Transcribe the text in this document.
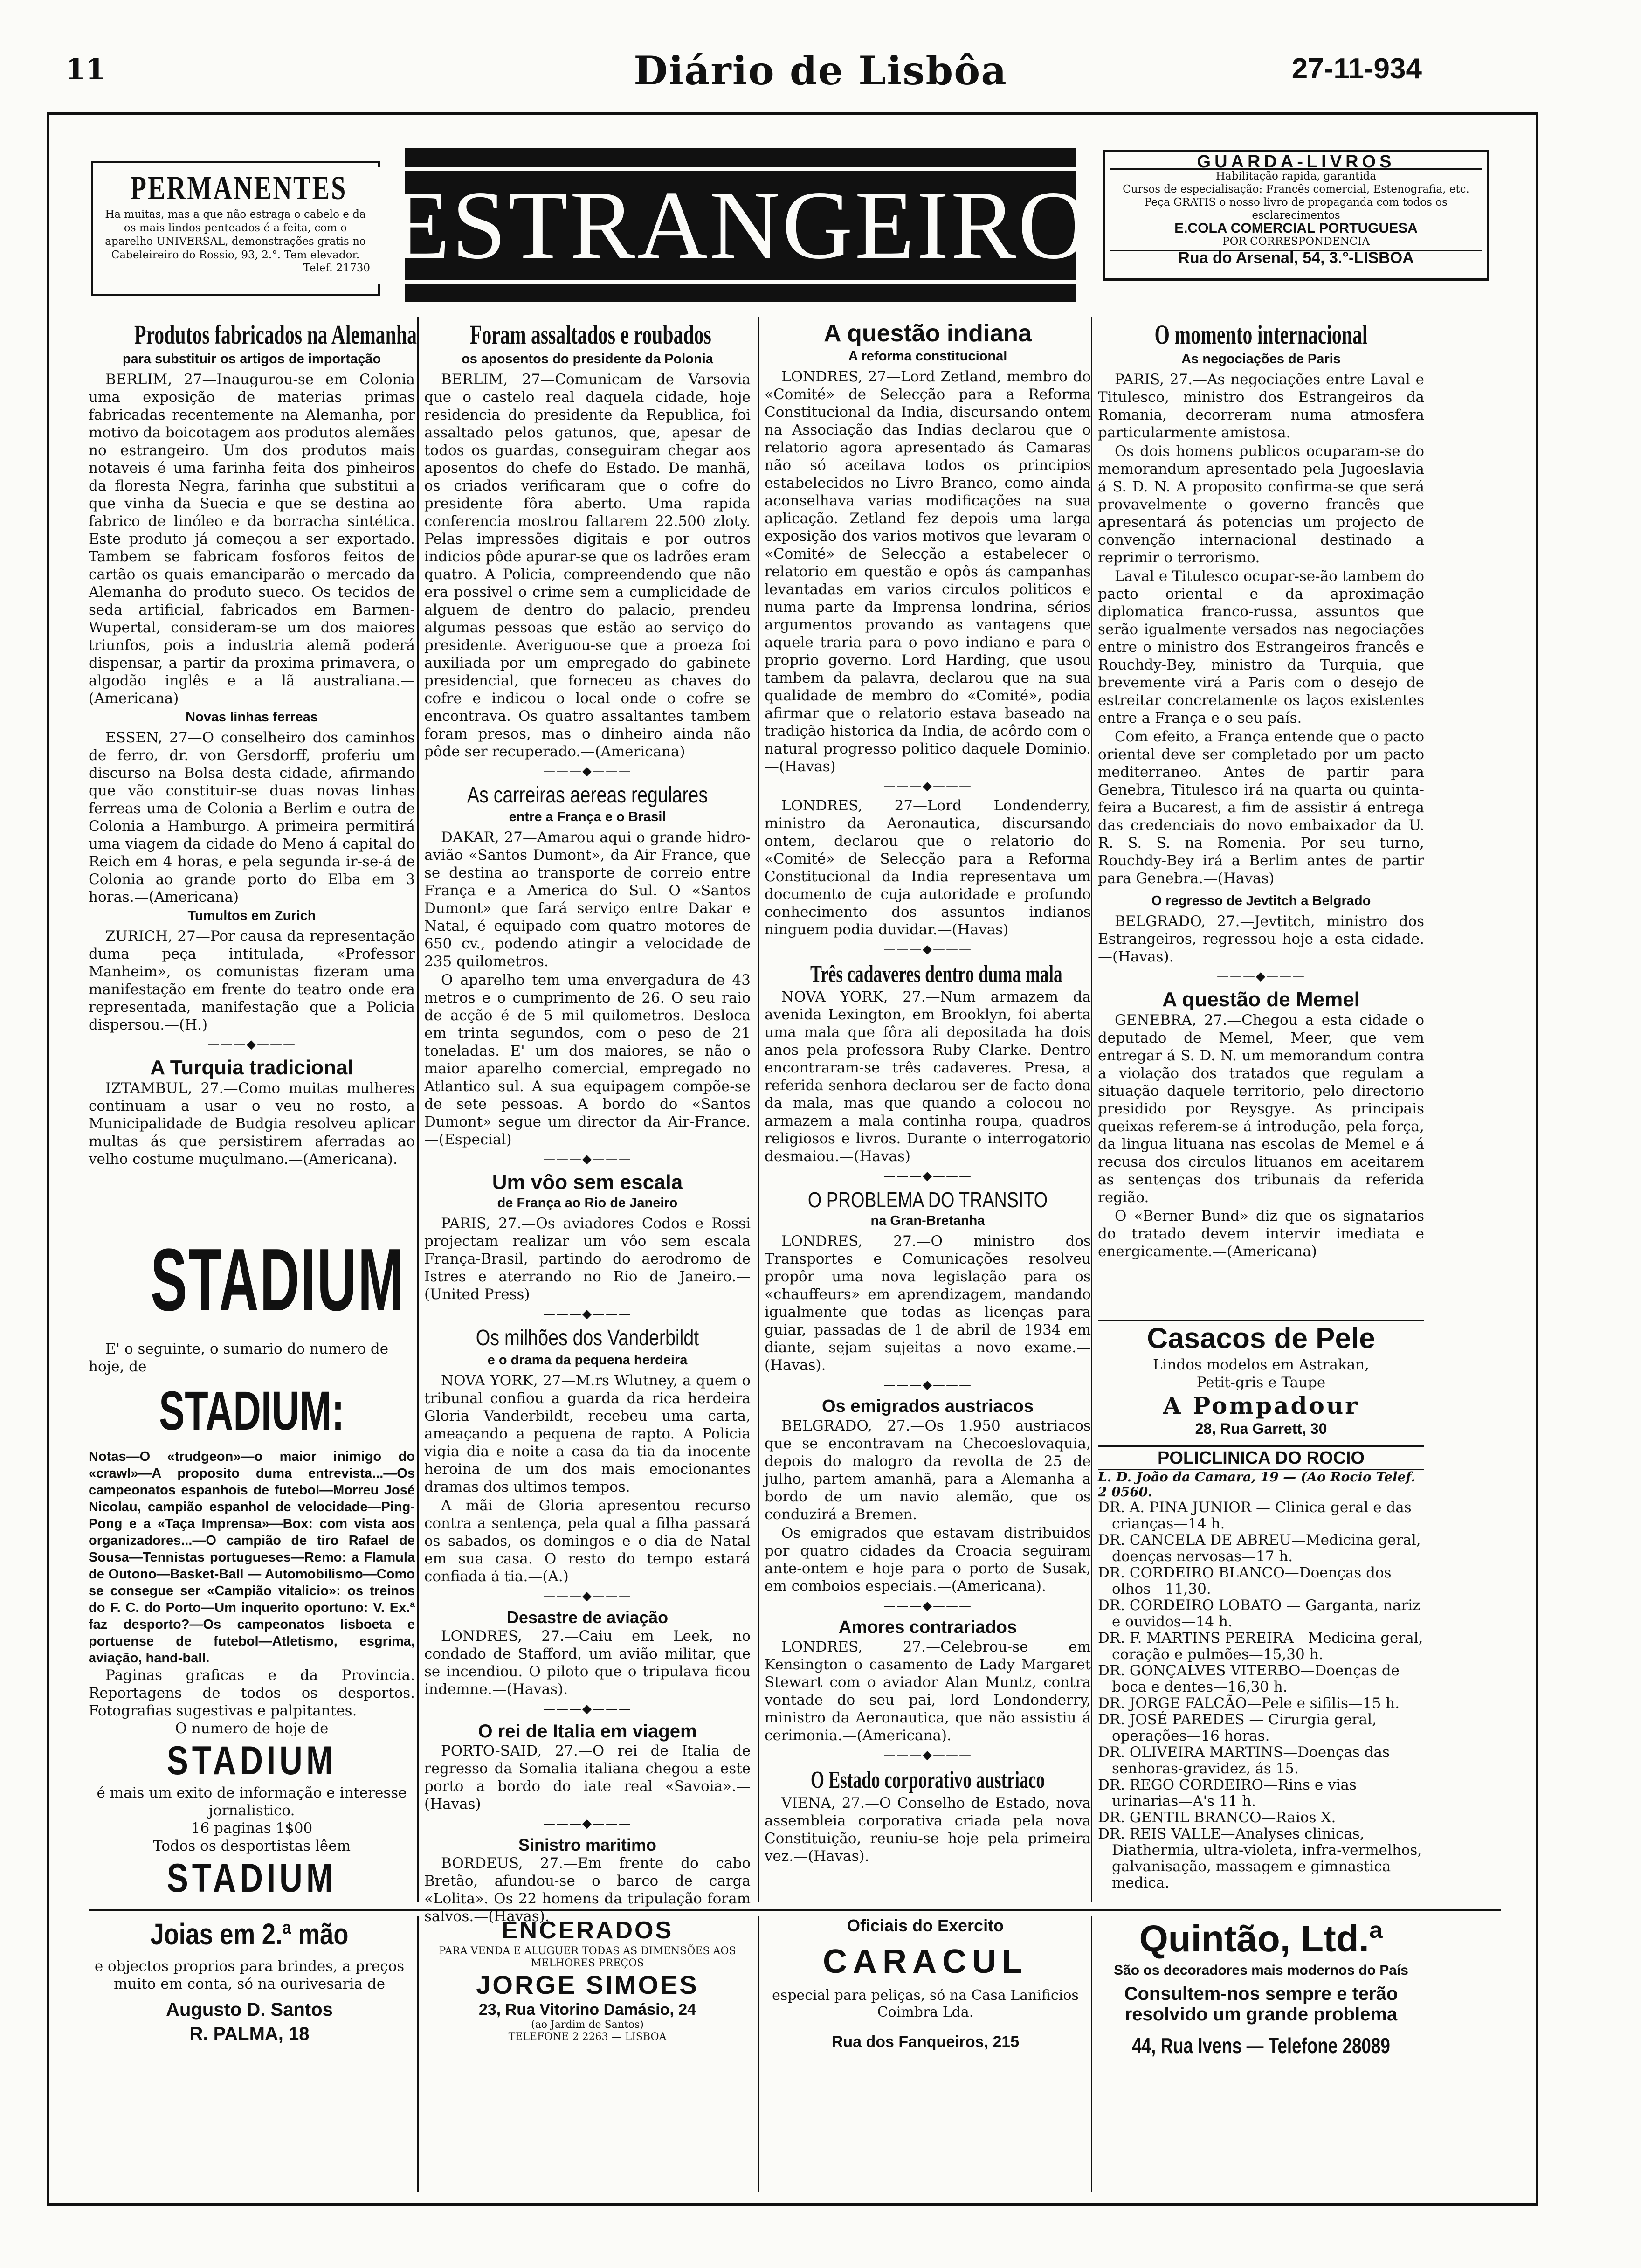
11	Diário de Lisbôa	27-11-934
PERMANENTES
Ha muitas, mas a que não estraga o cabelo e da os mais lindos penteados é a feita, com o aparelho UNIVERSAL, demonstrações gratis no Cabeleireiro do Rossio, 93, 2.°. Tem elevador.
Telef. 21730 ESTRANGEIRO
GUARDA-LIVROS
Habilitação rapida, garantida
Cursos de especialisação: Francês comercial, Estenografia, etc. Peça GRATIS o nosso livro de propaganda com todos os esclarecimentos
E.COLA COMERCIAL PORTUGUESA
POR CORRESPONDENCIA
Rua do Arsenal, 54, 3.°-LISBOA
Produtos fabricados na Alemanha
para substituir os artigos de importação

BERLIM, 27—Inaugurou-se em Colonia uma exposição de materias primas fabricadas recentemente na Alemanha, por motivo da boicotagem aos produtos alemães no estrangeiro. Um dos produtos mais notaveis é uma farinha feita dos pinheiros da floresta Negra, farinha que substitui a que vinha da Suecia e que se destina ao fabrico de linóleo e da borracha sintética. Este produto já começou a ser exportado. Tambem se fabricam fosforos feitos de cartão os quais emanciparão o mercado da Alemanha do produto sueco. Os tecidos de seda artificial, fabricados em Barmen-Wupertal, consideram-se um dos maiores triunfos, pois a industria alemã poderá dispensar, a partir da proxima primavera, o algodão inglês e a lã australiana.—(Americana)

Novas linhas ferreas

ESSEN, 27—O conselheiro dos caminhos de ferro, dr. von Gersdorff, proferiu um discurso na Bolsa desta cidade, afirmando que vão constituir-se duas novas linhas ferreas uma de Colonia a Berlim e outra de Colonia a Hamburgo. A primeira permitirá uma viagem da cidade do Meno á capital do Reich em 4 horas, e pela segunda ir-se-á de Colonia ao grande porto do Elba em 3 horas.—(Americana)

Tumultos em Zurich

ZURICH, 27—Por causa da representação duma peça intitulada, «Professor Manheim», os comunistas fizeram uma manifestação em frente do teatro onde era representada, manifestação que a Policia dispersou.—(H.)

———◆———
A Turquia tradicional

IZTAMBUL, 27.—Como muitas mulheres continuam a usar o veu no rosto, a Municipalidade de Budgia resolveu aplicar multas ás que persistirem aferradas ao velho costume muçulmano.—(Americana).

STADIUM
E' o seguinte, o sumario do numero de hoje, de
STADIUM:
Notas—O «trudgeon»—o maior inimigo do «crawl»—A proposito duma entrevista...—Os campeonatos espanhois de futebol—Morreu José Nicolau, campião espanhol de velocidade—Ping-Pong e a «Taça Imprensa»—Box: com vista aos organizadores...—O campião de tiro Rafael de Sousa—Tennistas portugueses—Remo: a Flamula de Outono—Basket-Ball — Automobilismo—Como se consegue ser «Campião vitalicio»: os treinos do F. C. do Porto—Um inquerito oportuno: V. Ex.ª faz desporto?—Os campeonatos lisboeta e portuense de futebol—Atletismo, esgrima, aviação, hand-ball.
Paginas graficas e da Provincia. Reportagens de todos os desportos. Fotografias sugestivas e palpitantes.
O numero de hoje de
STADIUM
é mais um exito de informação e interesse jornalistico.
16 paginas 1$00
Todos os desportistas lêem
STADIUM
Foram assaltados e roubados
os aposentos do presidente da Polonia

BERLIM, 27—Comunicam de Varsovia que o castelo real daquela cidade, hoje residencia do presidente da Republica, foi assaltado pelos gatunos, que, apesar de todos os guardas, conseguiram chegar aos aposentos do chefe do Estado. De manhã, os criados verificaram que o cofre do presidente fôra aberto. Uma rapida conferencia mostrou faltarem 22.500 zloty. Pelas impressões digitais e por outros indicios pôde apurar-se que os ladrões eram quatro. A Policia, compreendendo que não era possivel o crime sem a cumplicidade de alguem de dentro do palacio, prendeu algumas pessoas que estão ao serviço do presidente. Averiguou-se que a proeza foi auxiliada por um empregado do gabinete presidencial, que forneceu as chaves do cofre e indicou o local onde o cofre se encontrava. Os quatro assaltantes tambem foram presos, mas o dinheiro ainda não pôde ser recuperado.—(Americana)

———◆———
As carreiras aereas regulares
entre a França e o Brasil

DAKAR, 27—Amarou aqui o grande hidro-avião «Santos Dumont», da Air France, que se destina ao transporte de correio entre França e a America do Sul. O «Santos Dumont» que fará serviço entre Dakar e Natal, é equipado com quatro motores de 650 cv., podendo atingir a velocidade de 235 quilometros.

O aparelho tem uma envergadura de 43 metros e o cumprimento de 26. O seu raio de acção é de 5 mil quilometros. Desloca em trinta segundos, com o peso de 21 toneladas. E' um dos maiores, se não o maior aparelho comercial, empregado no Atlantico sul. A sua equipagem compõe-se de sete pessoas. A bordo do «Santos Dumont» segue um director da Air-France.—(Especial)

———◆———
Um vôo sem escala
de França ao Rio de Janeiro

PARIS, 27.—Os aviadores Codos e Rossi projectam realizar um vôo sem escala França-Brasil, partindo do aerodromo de Istres e aterrando no Rio de Janeiro.—(United Press)

———◆———
Os milhões dos Vanderbildt
e o drama da pequena herdeira

NOVA YORK, 27—M.rs Wlutney, a quem o tribunal confiou a guarda da rica herdeira Gloria Vanderbildt, recebeu uma carta, ameaçando a pequena de rapto. A Policia vigia dia e noite a casa da tia da inocente heroina de um dos mais emocionantes dramas dos ultimos tempos.

A mãi de Gloria apresentou recurso contra a sentença, pela qual a filha passará os sabados, os domingos e o dia de Natal em sua casa. O resto do tempo estará confiada á tia.—(A.)

———◆———
Desastre de aviação

LONDRES, 27.—Caiu em Leek, no condado de Stafford, um avião militar, que se incendiou. O piloto que o tripulava ficou indemne.—(Havas).

———◆———
O rei de Italia em viagem

PORTO-SAID, 27.—O rei de Italia de regresso da Somalia italiana chegou a este porto a bordo do iate real «Savoia».—(Havas)

———◆———
Sinistro maritimo

BORDEUS, 27.—Em frente do cabo Bretão, afundou-se o barco de carga «Lolita». Os 22 homens da tripulação foram salvos.—(Havas).

A questão indiana
A reforma constitucional

LONDRES, 27—Lord Zetland, membro do «Comité» de Selecção para a Reforma Constitucional da India, discursando ontem na Associação das Indias declarou que o relatorio agora apresentado ás Camaras não só aceitava todos os principios estabelecidos no Livro Branco, como ainda aconselhava varias modificações na sua aplicação. Zetland fez depois uma larga exposição dos varios motivos que levaram o «Comité» de Selecção a estabelecer o relatorio em questão e opôs ás campanhas levantadas em varios circulos politicos e numa parte da Imprensa londrina, sérios argumentos provando as vantagens que aquele traria para o povo indiano e para o proprio governo. Lord Harding, que usou tambem da palavra, declarou que na sua qualidade de membro do «Comité», podia afirmar que o relatorio estava baseado na tradição historica da India, de acôrdo com o natural progresso politico daquele Dominio.—(Havas)

———◆———

LONDRES, 27—Lord Londenderry, ministro da Aeronautica, discursando ontem, declarou que o relatorio do «Comité» de Selecção para a Reforma Constitucional da India representava um documento de cuja autoridade e profundo conhecimento dos assuntos indianos ninguem podia duvidar.—(Havas)

———◆———
Três cadaveres dentro duma mala

NOVA YORK, 27.—Num armazem da avenida Lexington, em Brooklyn, foi aberta uma mala que fôra ali depositada ha dois anos pela professora Ruby Clarke. Dentro encontraram-se três cadaveres. Presa, a referida senhora declarou ser de facto dona da mala, mas que quando a colocou no armazem a mala continha roupa, quadros religiosos e livros. Durante o interrogatorio desmaiou.—(Havas)

———◆———
O PROBLEMA DO TRANSITO
na Gran-Bretanha

LONDRES, 27.—O ministro dos Transportes e Comunicações resolveu propôr uma nova legislação para os «chauffeurs» em aprendizagem, mandando igualmente que todas as licenças para guiar, passadas de 1 de abril de 1934 em diante, sejam sujeitas a novo exame.—(Havas).

———◆———
Os emigrados austriacos

BELGRADO, 27.—Os 1.950 austriacos que se encontravam na Checoeslovaquia, depois do malogro da revolta de 25 de julho, partem amanhã, para a Alemanha a bordo de um navio alemão, que os conduzirá a Bremen.

Os emigrados que estavam distribuidos por quatro cidades da Croacia seguiram ante-ontem e hoje para o porto de Susak, em comboios especiais.—(Americana).

———◆———
Amores contrariados

LONDRES, 27.—Celebrou-se em Kensington o casamento de Lady Margaret Stewart com o aviador Alan Muntz, contra vontade do seu pai, lord Londonderry, ministro da Aeronautica, que não assistiu á cerimonia.—(Americana).

———◆———
O Estado corporativo austriaco

VIENA, 27.—O Conselho de Estado, nova assembleia corporativa criada pela nova Constituição, reuniu-se hoje pela primeira vez.—(Havas).

O momento internacional
As negociações de Paris

PARIS, 27.—As negociações entre Laval e Titulesco, ministro dos Estrangeiros da Romania, decorreram numa atmosfera particularmente amistosa.

Os dois homens publicos ocuparam-se do memorandum apresentado pela Jugoeslavia á S. D. N. A proposito confirma-se que será provavelmente o governo francês que apresentará ás potencias um projecto de convenção internacional destinado a reprimir o terrorismo.

Laval e Titulesco ocupar-se-ão tambem do pacto oriental e da aproximação diplomatica franco-russa, assuntos que serão igualmente versados nas negociações entre o ministro dos Estrangeiros francês e Rouchdy-Bey, ministro da Turquia, que brevemente virá a Paris com o desejo de estreitar concretamente os laços existentes entre a França e o seu país.

Com efeito, a França entende que o pacto oriental deve ser completado por um pacto mediterraneo. Antes de partir para Genebra, Titulesco irá na quarta ou quinta-feira a Bucarest, a fim de assistir á entrega das credenciais do novo embaixador da U. R. S. S. na Romenia. Por seu turno, Rouchdy-Bey irá a Berlim antes de partir para Genebra.—(Havas)

O regresso de Jevtitch a Belgrado

BELGRADO, 27.—Jevtitch, ministro dos Estrangeiros, regressou hoje a esta cidade.—(Havas).

———◆———
A questão de Memel

GENEBRA, 27.—Chegou a esta cidade o deputado de Memel, Meer, que vem entregar á S. D. N. um memorandum contra a violação dos tratados que regulam a situação daquele territorio, pelo directorio presidido por Reysgye. As principais queixas referem-se á introdução, pela força, da lingua lituana nas escolas de Memel e á recusa dos circulos lituanos em aceitarem as sentenças dos tribunais da referida região.

O «Berner Bund» diz que os signatarios do tratado devem intervir imediata e energicamente.—(Americana)

Casacos de Pele
Lindos modelos em Astrakan,
Petit-gris e Taupe
A Pompadour
28, Rua Garrett, 30
POLICLINICA DO ROCIO
L. D. João da Camara, 19 — (Ao Rocio Telef. 2 0560.

DR. A. PINA JUNIOR — Clinica geral e das crianças—14 h.

DR. CANCELA DE ABREU—Medicina geral, doenças nervosas—17 h.

DR. CORDEIRO BLANCO—Doenças dos olhos—11,30.

DR. CORDEIRO LOBATO — Garganta, nariz e ouvidos—14 h.

DR. F. MARTINS PEREIRA—Medicina geral, coração e pulmões—15,30 h.

DR. GONÇALVES VITERBO—Doenças de boca e dentes—16,30 h.

DR. JORGE FALCÃO—Pele e sifilis—15 h.

DR. JOSÉ PAREDES — Cirurgia geral, operações—16 horas.

DR. OLIVEIRA MARTINS—Doenças das senhoras-gravidez, ás 15.

DR. REGO CORDEIRO—Rins e vias urinarias—A's 11 h.

DR. GENTIL BRANCO—Raios X.

DR. REIS VALLE—Analyses clinicas, Diathermia, ultra-violeta, infra-vermelhos, galvanisação, massagem e gimnastica medica.

Joias em 2.ª mão
e objectos proprios para brindes, a preços muito em conta, só na ourivesaria de
Augusto D. Santos
R. PALMA, 18
ENCERADOS
PARA VENDA E ALUGUER TODAS AS DIMENSÕES AOS MELHORES PREÇOS
JORGE SIMOES
23, Rua Vitorino Damásio, 24
(ao Jardim de Santos)
TELEFONE 2 2263 — LISBOA
Oficiais do Exercito
CARACUL
especial para peliças, só na Casa Lanificios Coimbra Lda.
Rua dos Fanqueiros, 215
Quintão, Ltd.ª
São os decoradores mais modernos do País
Consultem-nos sempre e terão resolvido um grande problema
44, Rua Ivens — Telefone 28089
